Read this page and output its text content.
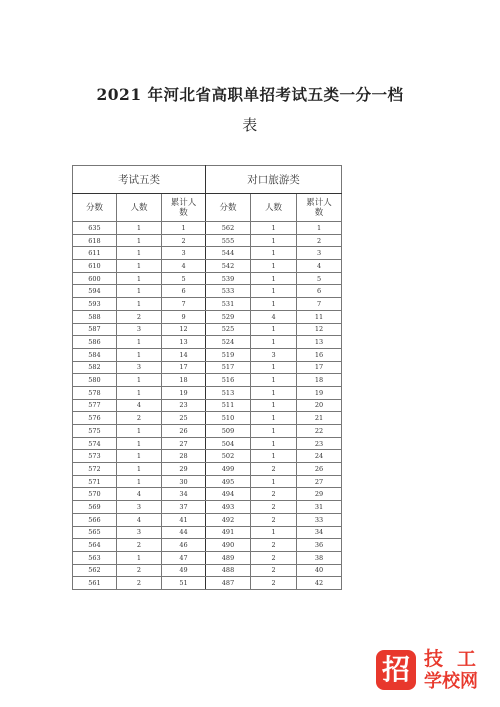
2021 年河北省高职单招考试五类一分一档
表
考试五类			对口旅游类		
分数	人数	累计人数	分数	人数	累计人数
635	1	1	562	1	1
618	1	2	555	1	2
611	1	3	544	1	3
610	1	4	542	1	4
600	1	5	539	1	5
594	1	6	533	1	6
593	1	7	531	1	7
588	2	9	529	4	11
587	3	12	525	1	12
586	1	13	524	1	13
584	1	14	519	3	16
582	3	17	517	1	17
580	1	18	516	1	18
578	1	19	513	1	19
577	4	23	511	1	20
576	2	25	510	1	21
575	1	26	509	1	22
574	1	27	504	1	23
573	1	28	502	1	24
572	1	29	499	2	26
571	1	30	495	1	27
570	4	34	494	2	29
569	3	37	493	2	31
566	4	41	492	2	33
565	3	44	491	1	34
564	2	46	490	2	36
563	1	47	489	2	38
562	2	49	488	2	40
561	2	51	487	2	42
招 技工
学校网
